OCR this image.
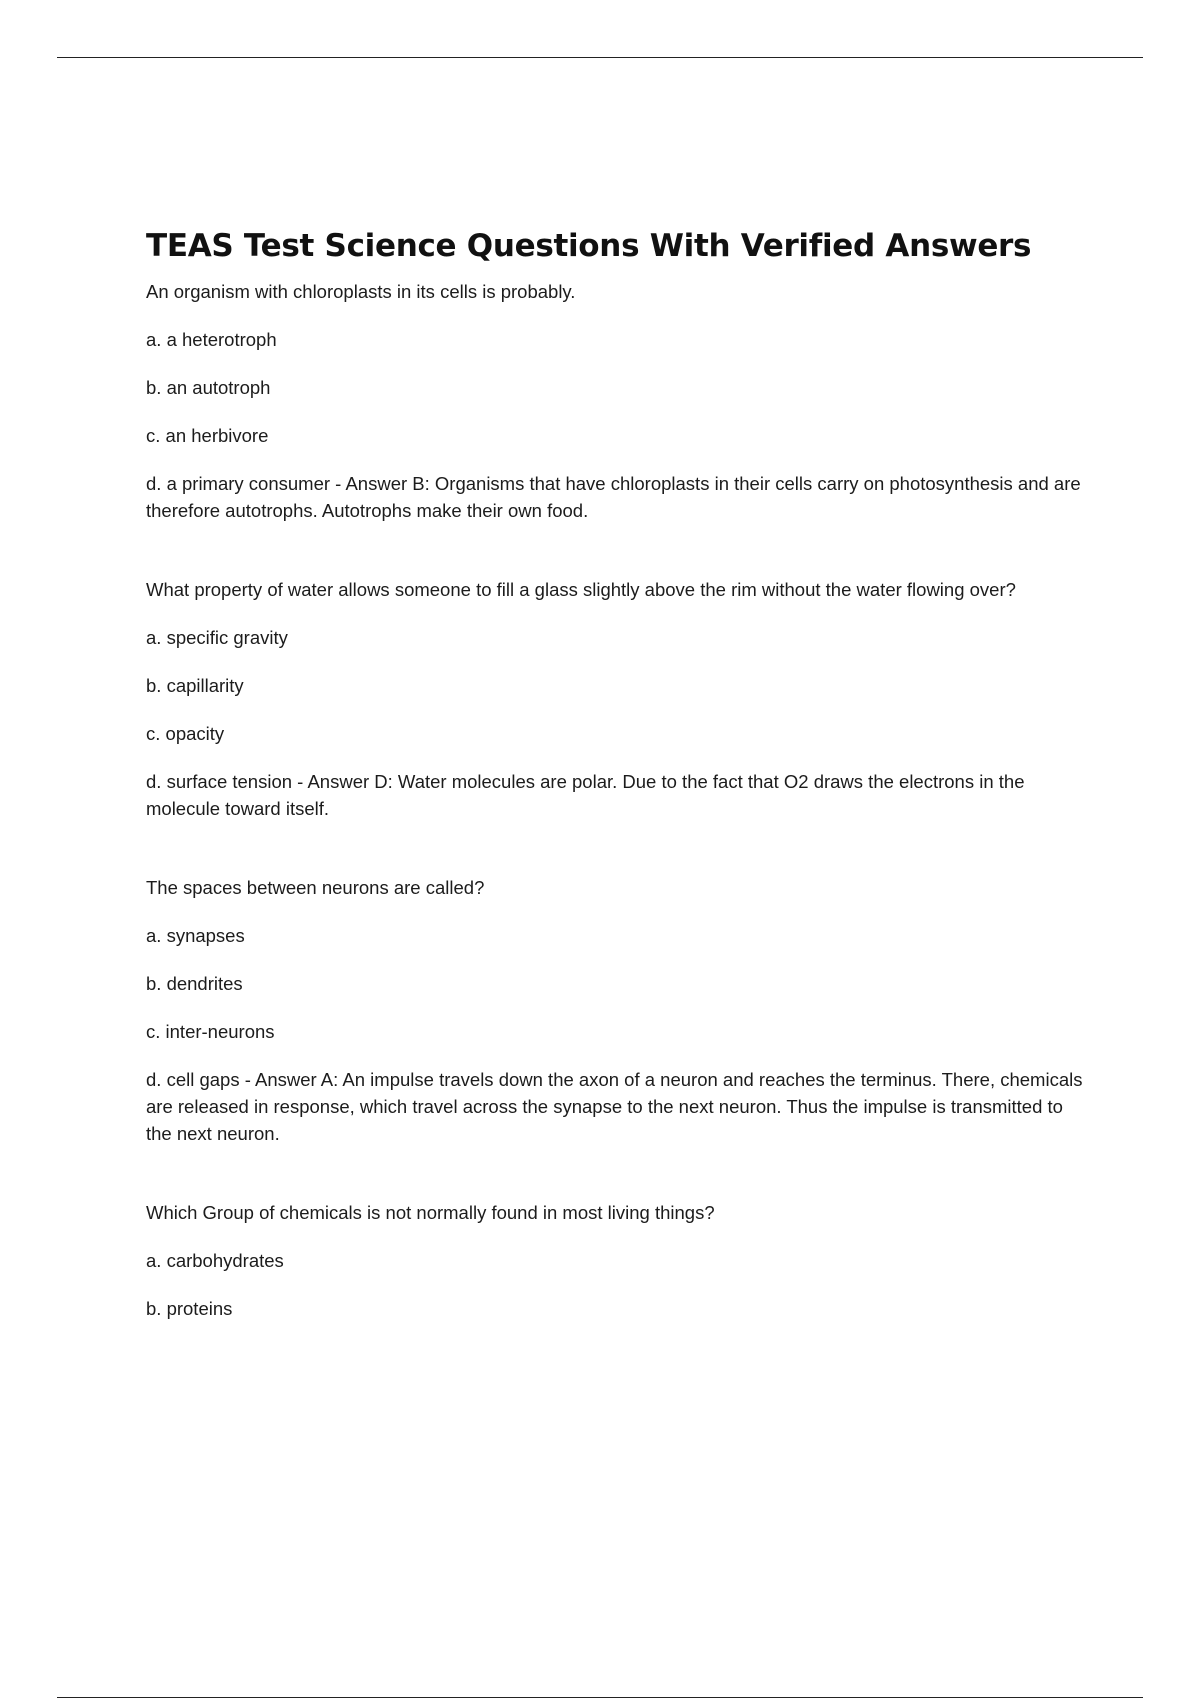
TEAS Test Science Questions With Verified Answers

An organism with chloroplasts in its cells is probably.

a. a heterotroph

b. an autotroph

c. an herbivore

d. a primary consumer - Answer B: Organisms that have chloroplasts in their cells carry on photosynthesis and are therefore autotrophs. Autotrophs make their own food.

What property of water allows someone to fill a glass slightly above the rim without the water flowing over?

a. specific gravity

b. capillarity

c. opacity

d. surface tension - Answer D: Water molecules are polar. Due to the fact that O2 draws the electrons in the molecule toward itself.

The spaces between neurons are called?

a. synapses

b. dendrites

c. inter-neurons

d. cell gaps - Answer A: An impulse travels down the axon of a neuron and reaches the terminus. There, chemicals are released in response, which travel across the synapse to the next neuron. Thus the impulse is transmitted to the next neuron.

Which Group of chemicals is not normally found in most living things?

a. carbohydrates

b. proteins
